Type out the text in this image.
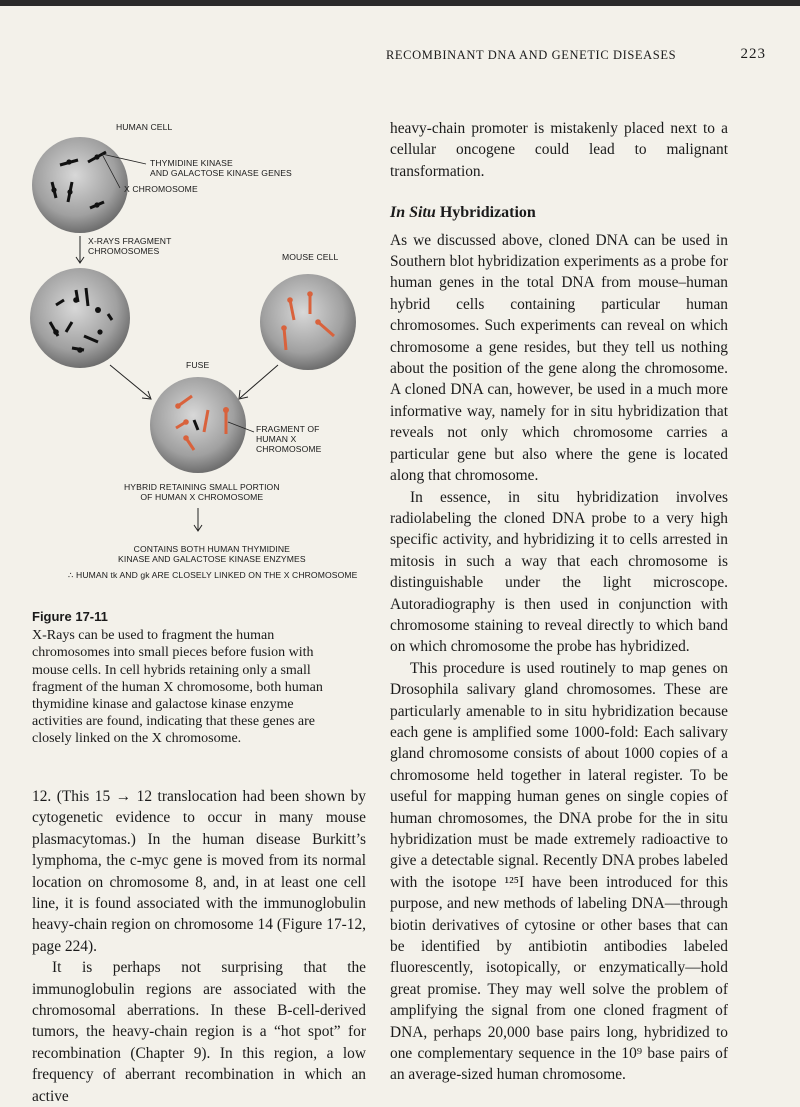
RECOMBINANT DNA AND GENETIC DISEASES	223
HUMAN CELL
THYMIDINE KINASE
AND GALACTOSE KINASE GENES
X CHROMOSOME
X-RAYS FRAGMENT
CHROMOSOMES
MOUSE CELL
FUSE
FRAGMENT OF
HUMAN X
CHROMOSOME
HYBRID RETAINING SMALL PORTION
OF HUMAN X CHROMOSOME
CONTAINS BOTH HUMAN THYMIDINE
KINASE AND GALACTOSE KINASE ENZYMES
∴ HUMAN tk AND gk ARE CLOSELY LINKED ON THE X CHROMOSOME
Figure 17-11
X-Rays can be used to fragment the human chromosomes into small pieces before fusion with mouse cells. In cell hybrids retaining only a small fragment of the human X chromosome, both human thymidine kinase and galactose kinase enzyme activities are found, indicating that these genes are closely linked on the X chromosome.

12. (This 15 → 12 translocation had been shown by cytogenetic evidence to occur in many mouse plasmacytomas.) In the human disease Burkitt’s lymphoma, the c-myc gene is moved from its normal location on chromosome 8, and, in at least one cell line, it is found associated with the immunoglobulin heavy-chain region on chromosome 14 (Figure 17-12, page 224).

It is perhaps not surprising that the immunoglobulin regions are associated with the chromosomal aberrations. In these B-cell-derived tumors, the heavy-chain region is a “hot spot” for recombination (Chapter 9). In this region, a low frequency of aberrant recombination in which an active

heavy-chain promoter is mistakenly placed next to a cellular oncogene could lead to malignant transformation.

In Situ Hybridization

As we discussed above, cloned DNA can be used in Southern blot hybridization experiments as a probe for human genes in the total DNA from mouse–human hybrid cells containing particular human chromosomes. Such experiments can reveal on which chromosome a gene resides, but they tell us nothing about the position of the gene along the chromosome. A cloned DNA can, however, be used in a much more informative way, namely for in situ hybridization that reveals not only which chromosome carries a particular gene but also where the gene is located along that chromosome.

In essence, in situ hybridization involves radiolabeling the cloned DNA probe to a very high specific activity, and hybridizing it to cells arrested in mitosis in such a way that each chromosome is distinguishable under the light microscope. Autoradiography is then used in conjunction with chromosome staining to reveal directly to which band on which chromosome the probe has hybridized.

This procedure is used routinely to map genes on Drosophila salivary gland chromosomes. These are particularly amenable to in situ hybridization because each gene is amplified some 1000-fold: Each salivary gland chromosome consists of about 1000 copies of a chromosome held together in lateral register. To be useful for mapping human genes on single copies of human chromosomes, the DNA probe for the in situ hybridization must be made extremely radioactive to give a detectable signal. Recently DNA probes labeled with the isotope ¹²⁵I have been introduced for this purpose, and new methods of labeling DNA—through biotin derivatives of cytosine or other bases that can be identified by antibiotin antibodies labeled fluorescently, isotopically, or enzymatically—hold great promise. They may well solve the problem of amplifying the signal from one cloned fragment of DNA, perhaps 20,000 base pairs long, hybridized to one complementary sequence in the 10⁹ base pairs of an average-sized human chromosome.
